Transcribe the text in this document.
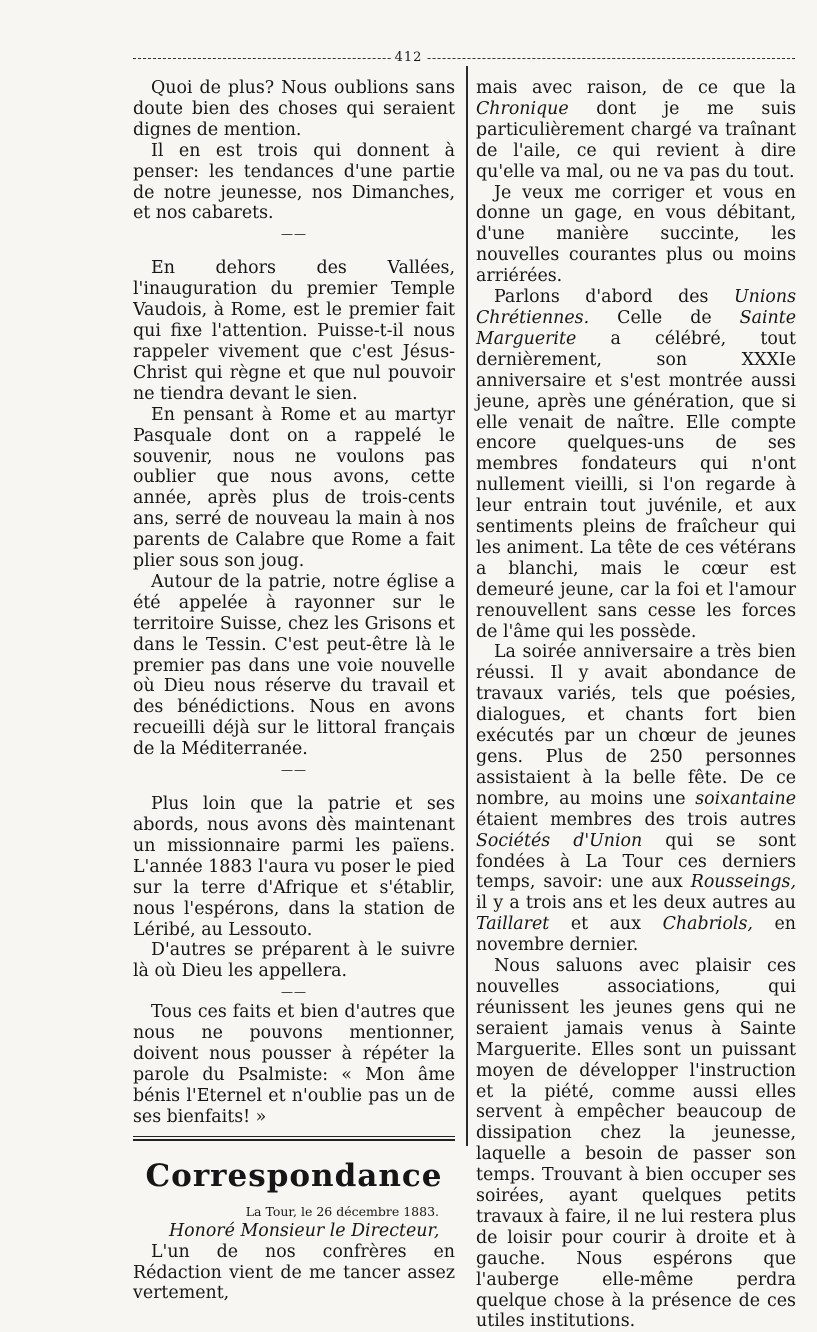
412

Quoi de plus? Nous oublions sans doute bien des choses qui seraient dignes de mention.

Il en est trois qui donnent à penser: les tendances d'une partie de notre jeunesse, nos Dimanches, et nos cabarets.

——

En dehors des Vallées, l'inauguration du premier Temple Vaudois, à Rome, est le premier fait qui fixe l'attention. Puisse-t-il nous rappeler vivement que c'est Jésus-Christ qui règne et que nul pouvoir ne tiendra devant le sien.

En pensant à Rome et au martyr Pasquale dont on a rappelé le souvenir, nous ne voulons pas oublier que nous avons, cette année, après plus de trois-cents ans, serré de nouveau la main à nos parents de Calabre que Rome a fait plier sous son joug.

Autour de la patrie, notre église a été appelée à rayonner sur le territoire Suisse, chez les Grisons et dans le Tessin. C'est peut-être là le premier pas dans une voie nouvelle où Dieu nous réserve du travail et des bénédictions. Nous en avons recueilli déjà sur le littoral français de la Méditerranée.

——

Plus loin que la patrie et ses abords, nous avons dès maintenant un missionnaire parmi les païens. L'année 1883 l'aura vu poser le pied sur la terre d'Afrique et s'établir, nous l'espérons, dans la station de Léribé, au Lessouto.

D'autres se préparent à le suivre là où Dieu les appellera.

——

Tous ces faits et bien d'autres que nous ne pouvons mentionner, doivent nous pousser à répéter la parole du Psalmiste: « Mon âme bénis l'Eternel et n'oublie pas un de ses bienfaits! »

Correspondance
La Tour, le 26 décembre 1883.

Honoré Monsieur le Directeur,

L'un de nos confrères en Rédaction vient de me tancer assez vertement,

mais avec raison, de ce que la Chronique dont je me suis particulièrement chargé va traînant de l'aile, ce qui revient à dire qu'elle va mal, ou ne va pas du tout.

Je veux me corriger et vous en donne un gage, en vous débitant, d'une manière succinte, les nouvelles courantes plus ou moins arriérées.

Parlons d'abord des Unions Chrétiennes. Celle de Sainte Marguerite a célébré, tout dernièrement, son XXXIe anniversaire et s'est montrée aussi jeune, après une génération, que si elle venait de naître. Elle compte encore quelques-uns de ses membres fondateurs qui n'ont nullement vieilli, si l'on regarde à leur entrain tout juvénile, et aux sentiments pleins de fraîcheur qui les animent. La tête de ces vétérans a blanchi, mais le cœur est demeuré jeune, car la foi et l'amour renouvellent sans cesse les forces de l'âme qui les possède.

La soirée anniversaire a très bien réussi. Il y avait abondance de travaux variés, tels que poésies, dialogues, et chants fort bien exécutés par un chœur de jeunes gens. Plus de 250 personnes assistaient à la belle fête. De ce nombre, au moins une soixantaine étaient membres des trois autres Sociétés d'Union qui se sont fondées à La Tour ces derniers temps, savoir: une aux Rousseings, il y a trois ans et les deux autres au Taillaret et aux Chabriols, en novembre dernier.

Nous saluons avec plaisir ces nouvelles associations, qui réunissent les jeunes gens qui ne seraient jamais venus à Sainte Marguerite. Elles sont un puissant moyen de développer l'instruction et la piété, comme aussi elles servent à empêcher beaucoup de dissipation chez la jeunesse, laquelle a besoin de passer son temps. Trouvant à bien occuper ses soirées, ayant quelques petits travaux à faire, il ne lui restera plus de loisir pour courir à droite et à gauche. Nous espérons que l'auberge elle-même perdra quelque chose à la présence de ces utiles institutions.
